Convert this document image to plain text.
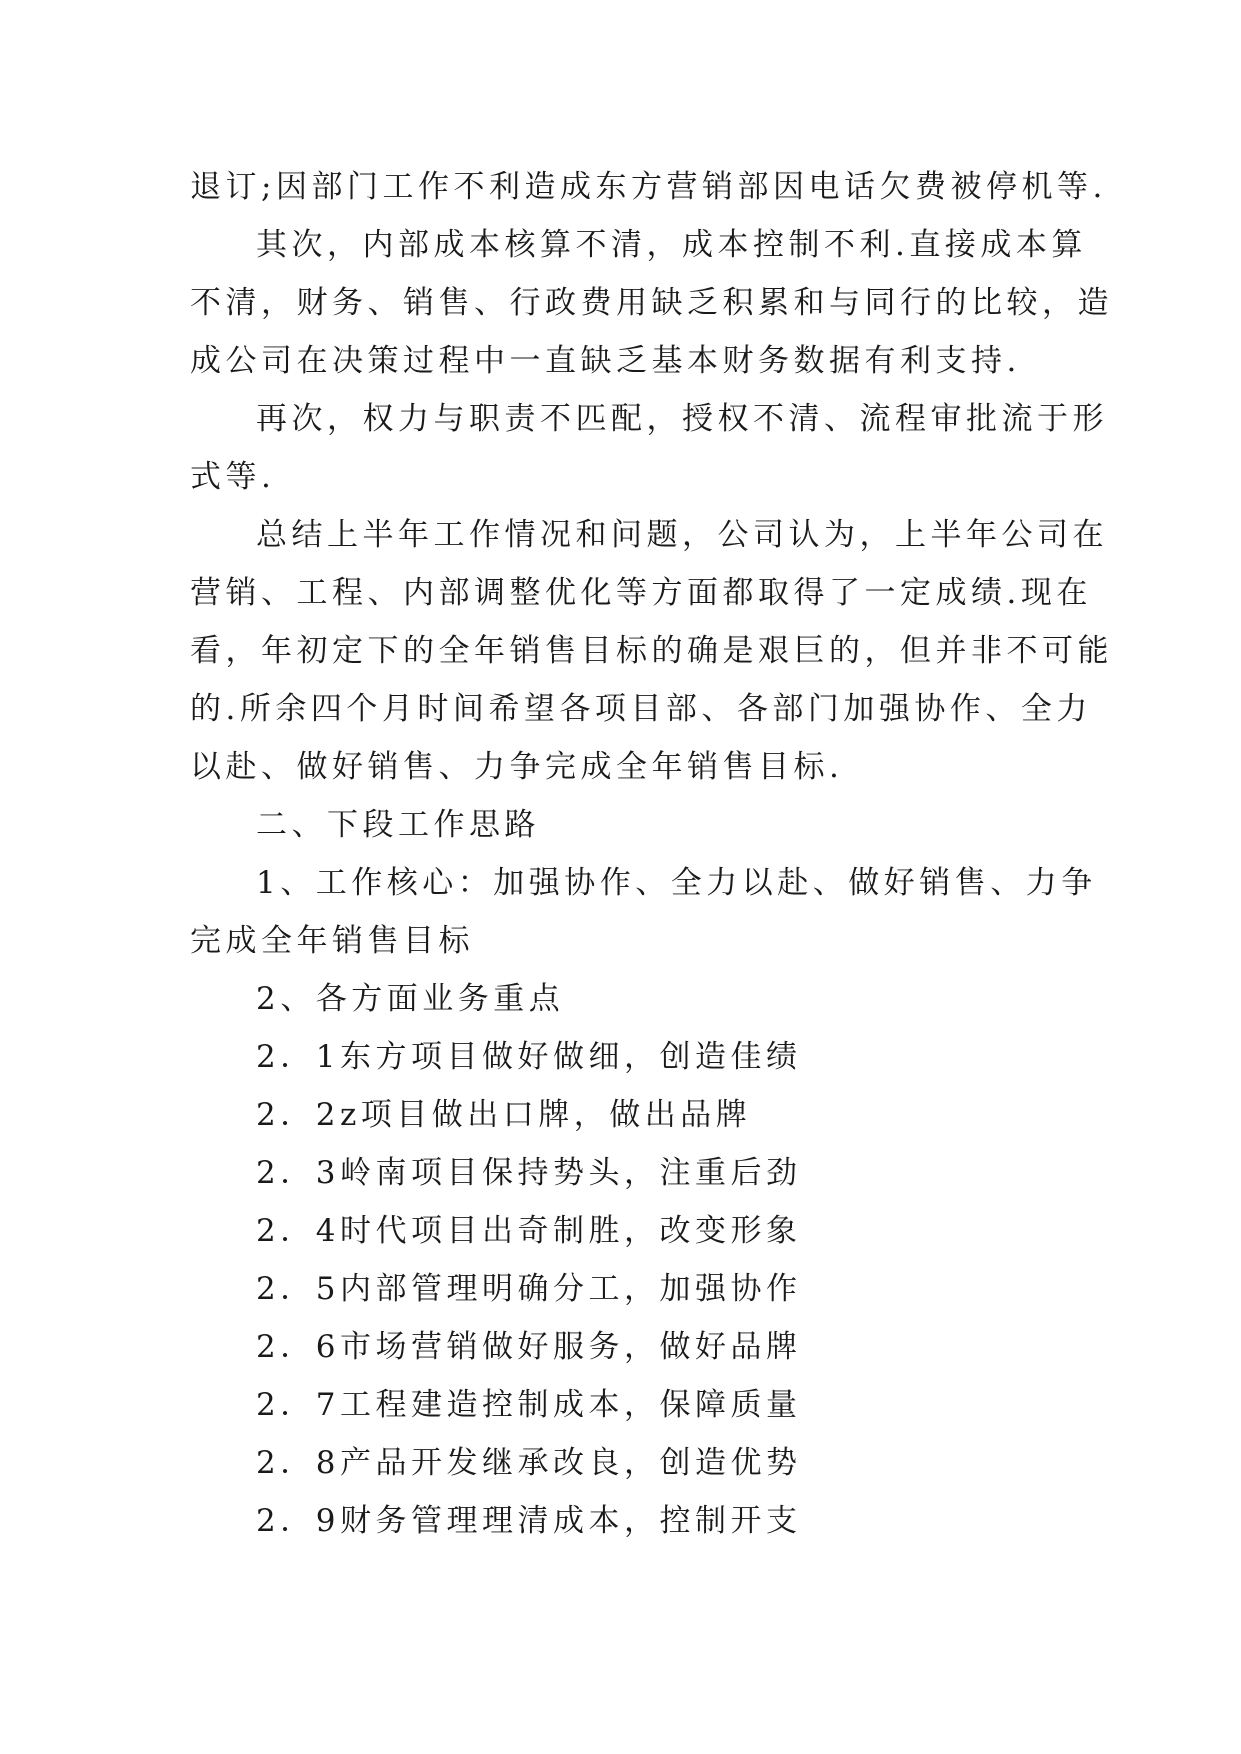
退订;因部门工作不利造成东方营销部因电话欠费被停机等.
其次，内部成本核算不清，成本控制不利.直接成本算
不清，财务、销售、行政费用缺乏积累和与同行的比较，造
成公司在决策过程中一直缺乏基本财务数据有利支持.
再次，权力与职责不匹配，授权不清、流程审批流于形
式等.
总结上半年工作情况和问题，公司认为，上半年公司在
营销、工程、内部调整优化等方面都取得了一定成绩.现在
看，年初定下的全年销售目标的确是艰巨的，但并非不可能
的.所余四个月时间希望各项目部、各部门加强协作、全力
以赴、做好销售、力争完成全年销售目标.
二、下段工作思路
1、工作核心：加强协作、全力以赴、做好销售、力争
完成全年销售目标
2、各方面业务重点
2．1东方项目做好做细，创造佳绩
2．2z项目做出口牌，做出品牌
2．3岭南项目保持势头，注重后劲
2．4时代项目出奇制胜，改变形象
2．5内部管理明确分工，加强协作
2．6市场营销做好服务，做好品牌
2．7工程建造控制成本，保障质量
2．8产品开发继承改良，创造优势
2．9财务管理理清成本，控制开支
